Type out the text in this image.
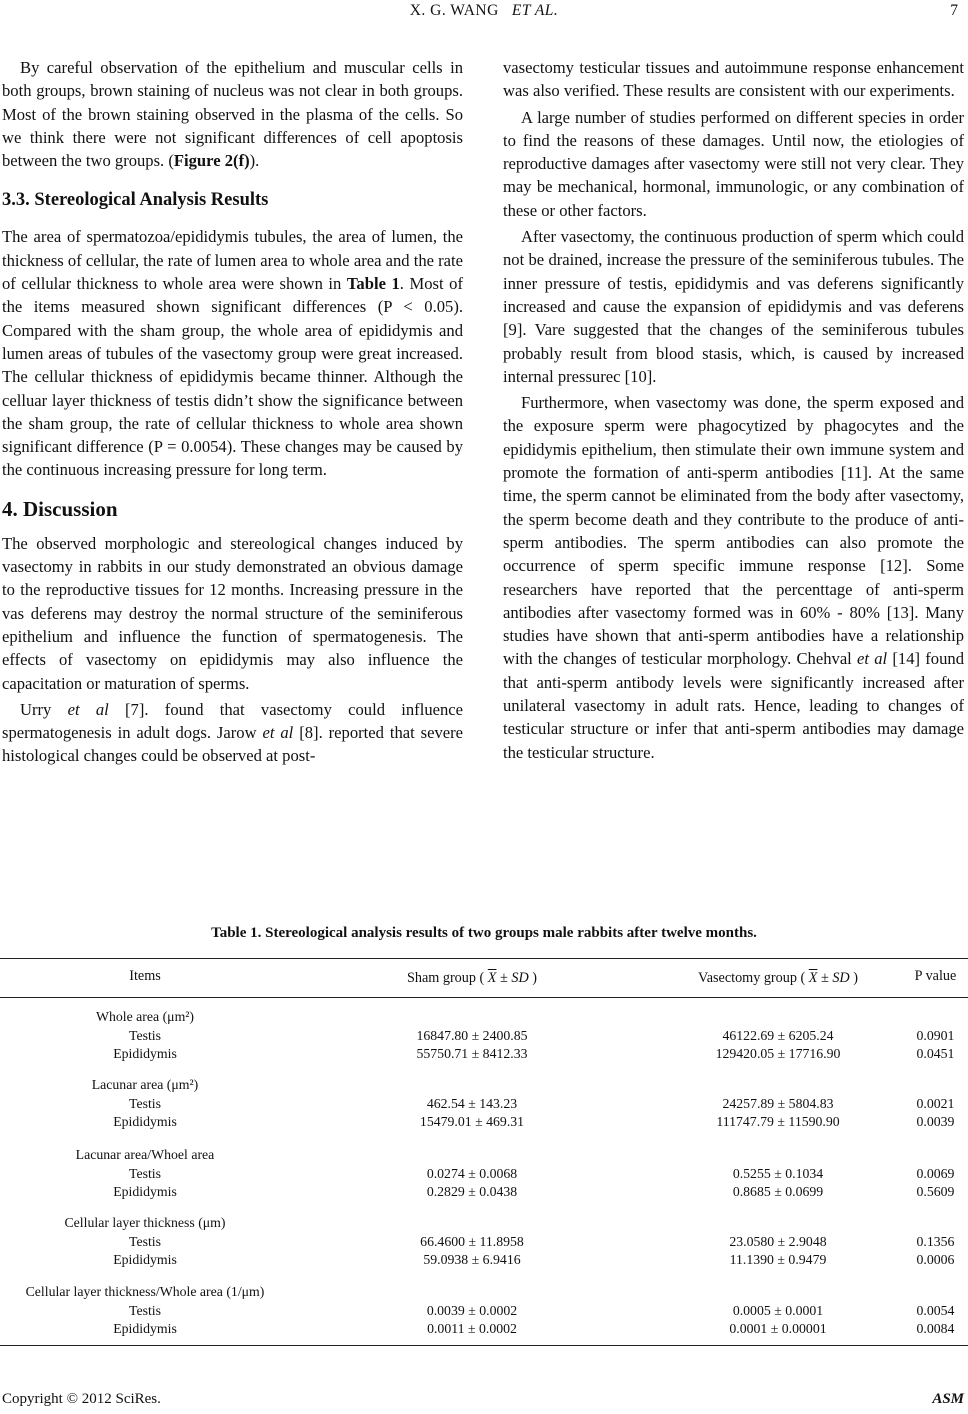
X. G. WANG ET AL.	7

By careful observation of the epithelium and muscular cells in both groups, brown staining of nucleus was not clear in both groups. Most of the brown staining observed in the plasma of the cells. So we think there were not significant differences of cell apoptosis between the two groups. (Figure 2(f)).

3.3. Stereological Analysis Results

The area of spermatozoa/epididymis tubules, the area of lumen, the thickness of cellular, the rate of lumen area to whole area and the rate of cellular thickness to whole area were shown in Table 1. Most of the items measured shown significant differences (P < 0.05). Compared with the sham group, the whole area of epididymis and lumen areas of tubules of the vasectomy group were great increased. The cellular thickness of epididymis became thinner. Although the celluar layer thickness of testis didn’t show the significance between the sham group, the rate of cellular thickness to whole area shown significant difference (P = 0.0054). These changes may be caused by the continuous increasing pressure for long term.

4. Discussion

The observed morphologic and stereological changes induced by vasectomy in rabbits in our study demonstrated an obvious damage to the reproductive tissues for 12 months. Increasing pressure in the vas deferens may destroy the normal structure of the seminiferous epithelium and influence the function of spermatogenesis. The effects of vasectomy on epididymis may also influence the capacitation or maturation of sperms.

Urry et al [7]. found that vasectomy could influence spermatogenesis in adult dogs. Jarow et al [8]. reported that severe histological changes could be observed at post-

vasectomy testicular tissues and autoimmune response enhancement was also verified. These results are consistent with our experiments.

A large number of studies performed on different species in order to find the reasons of these damages. Until now, the etiologies of reproductive damages after vasectomy were still not very clear. They may be mechanical, hormonal, immunologic, or any combination of these or other factors.

After vasectomy, the continuous production of sperm which could not be drained, increase the pressure of the seminiferous tubules. The inner pressure of testis, epididymis and vas deferens significantly increased and cause the expansion of epididymis and vas deferens [9]. Vare suggested that the changes of the seminiferous tubules probably result from blood stasis, which, is caused by increased internal pressurec [10].

Furthermore, when vasectomy was done, the sperm exposed and the exposure sperm were phagocytized by phagocytes and the epididymis epithelium, then stimulate their own immune system and promote the formation of anti-sperm antibodies [11]. At the same time, the sperm cannot be eliminated from the body after vasectomy, the sperm become death and they contribute to the produce of anti-sperm antibodies. The sperm antibodies can also promote the occurrence of sperm specific immune response [12]. Some researchers have reported that the percenttage of anti-sperm antibodies after vasectomy formed was in 60% - 80% [13]. Many studies have shown that anti-sperm antibodies have a relationship with the changes of testicular morphology. Chehval et al [14] found that anti-sperm antibody levels were significantly increased after unilateral vasectomy in adult rats. Hence, leading to changes of testicular structure or infer that anti-sperm antibodies may damage the testicular structure.

Table 1. Stereological analysis results of two groups male rabbits after twelve months.
Items	Sham group ( $\overline{X}$ ± SD )	Vasectomy group ( $\overline{X}$ ± SD )	P value
Whole area (μm²)
Testis	16847.80 ± 2400.85	46122.69 ± 6205.24	0.0901
Epididymis	55750.71 ± 8412.33	129420.05 ± 17716.90	0.0451
Lacunar area (μm²)
Testis	462.54 ± 143.23	24257.89 ± 5804.83	0.0021
Epididymis	15479.01 ± 469.31	111747.79 ± 11590.90	0.0039
Lacunar area/Whoel area
Testis	0.0274 ± 0.0068	0.5255 ± 0.1034	0.0069
Epididymis	0.2829 ± 0.0438	0.8685 ± 0.0699	0.5609
Cellular layer thickness (μm)
Testis	66.4600 ± 11.8958	23.0580 ± 2.9048	0.1356
Epididymis	59.0938 ± 6.9416	11.1390 ± 0.9479	0.0006
Cellular layer thickness/Whole area (1/μm)
Testis	0.0039 ± 0.0002	0.0005 ± 0.0001	0.0054
Epididymis	0.0011 ± 0.0002	0.0001 ± 0.00001	0.0084
Copyright © 2012 SciRes.	ASM
